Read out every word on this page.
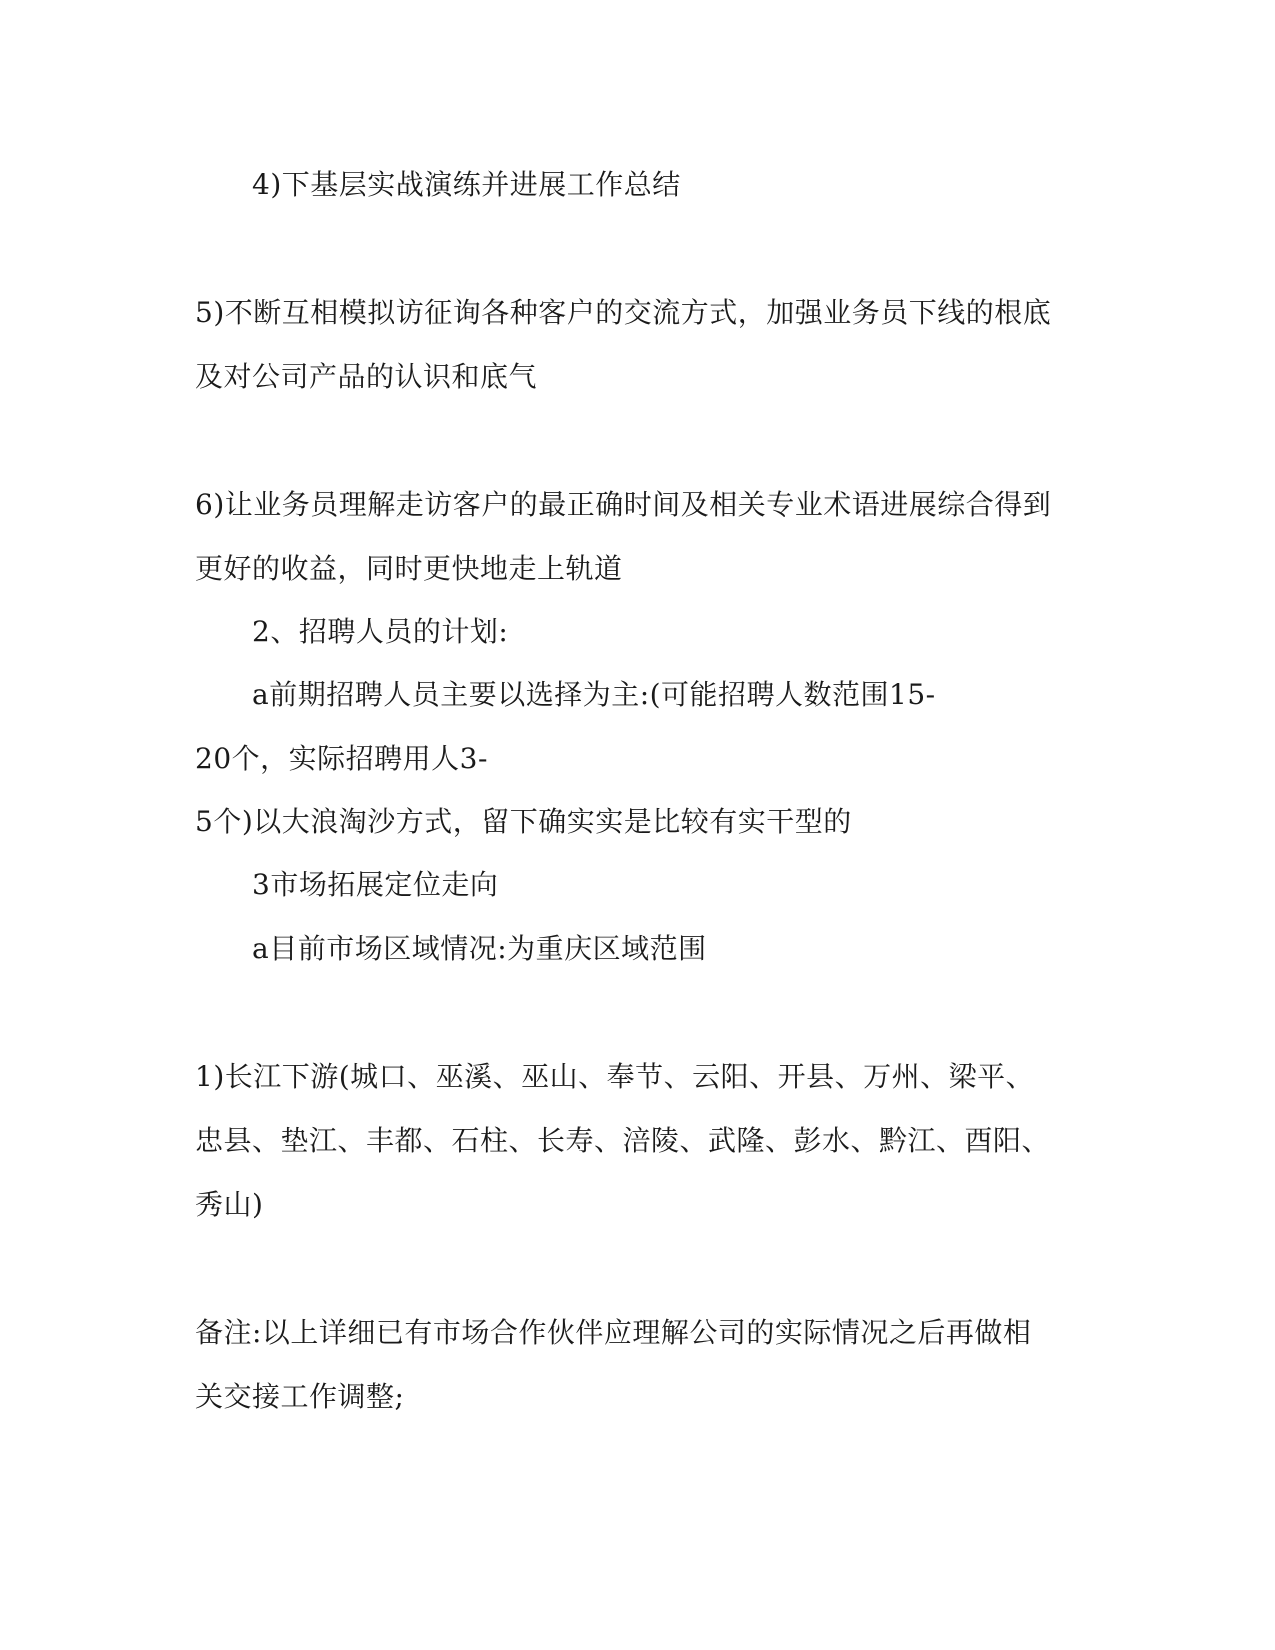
4)下基层实战演练并进展工作总结
5)不断互相模拟访征询各种客户的交流方式，加强业务员下线的根底
及对公司产品的认识和底气
6)让业务员理解走访客户的最正确时间及相关专业术语进展综合得到
更好的收益，同时更快地走上轨道
2、招聘人员的计划:
a前期招聘人员主要以选择为主:(可能招聘人数范围15-
20个，实际招聘用人3-
5个)以大浪淘沙方式，留下确实实是比较有实干型的
3市场拓展定位走向
a目前市场区域情况:为重庆区域范围
1)长江下游(城口、巫溪、巫山、奉节、云阳、开县、万州、梁平、
忠县、垫江、丰都、石柱、长寿、涪陵、武隆、彭水、黔江、酉阳、
秀山)
备注:以上详细已有市场合作伙伴应理解公司的实际情况之后再做相
关交接工作调整;
